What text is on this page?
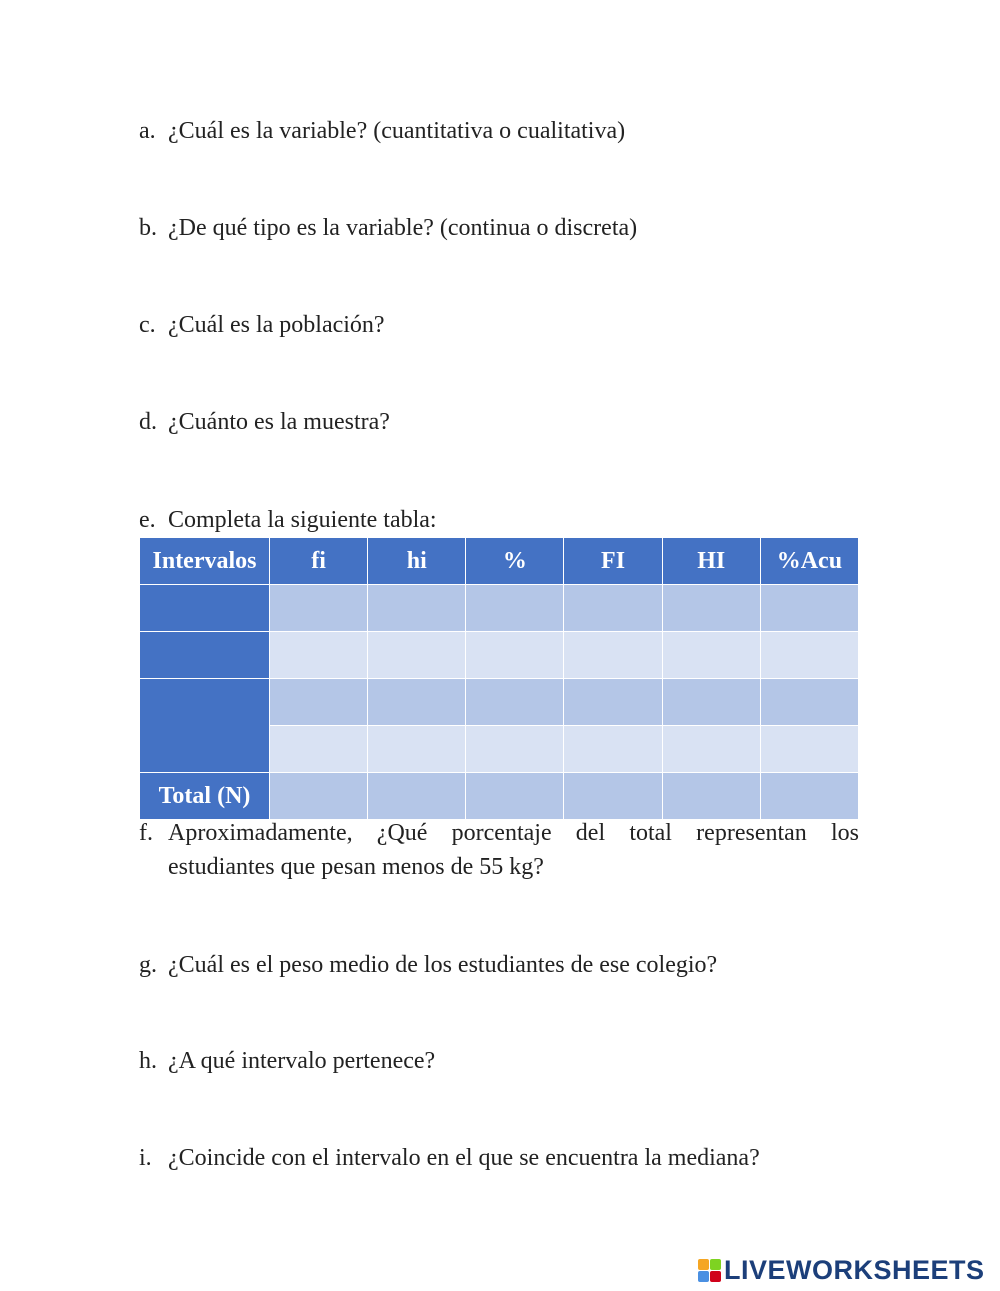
a. ¿Cuál es la variable? (cuantitativa o cualitativa)
b. ¿De qué tipo es la variable? (continua o discreta)
c. ¿Cuál es la población?
d. ¿Cuánto es la muestra?
e. Completa la siguiente tabla:
Intervalos	fi	hi	%	FI	HI	%Acu

Total (N)						
f. Aproximadamente, ¿Qué porcentaje del total representan los
estudiantes que pesan menos de 55 kg?
g. ¿Cuál es el peso medio de los estudiantes de ese colegio?
h. ¿A qué intervalo pertenece?
i. ¿Coincide con el intervalo en el que se encuentra la mediana?
LIVEWORKSHEETS
